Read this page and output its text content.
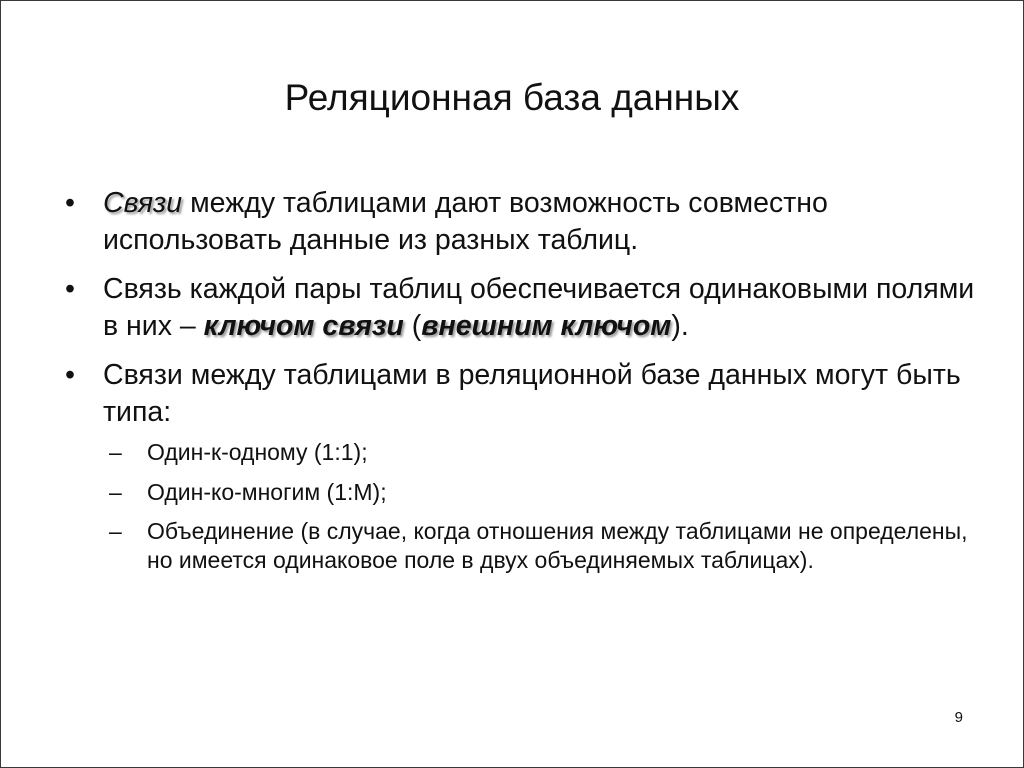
Реляционная база данных
• Связи между таблицами дают возможность совместно использовать данные из разных таблиц.
• Связь каждой пары таблиц обеспечивается одинаковыми полями в них – ключом связи (внешним ключом).
• Связи между таблицами в реляционной базе данных могут быть типа:
– Один-к-одному (1:1);
– Один-ко-многим (1:М);
– Объединение (в случае, когда отношения между таблицами не определены, но имеется одинаковое поле в двух объединяемых таблицах).
9
